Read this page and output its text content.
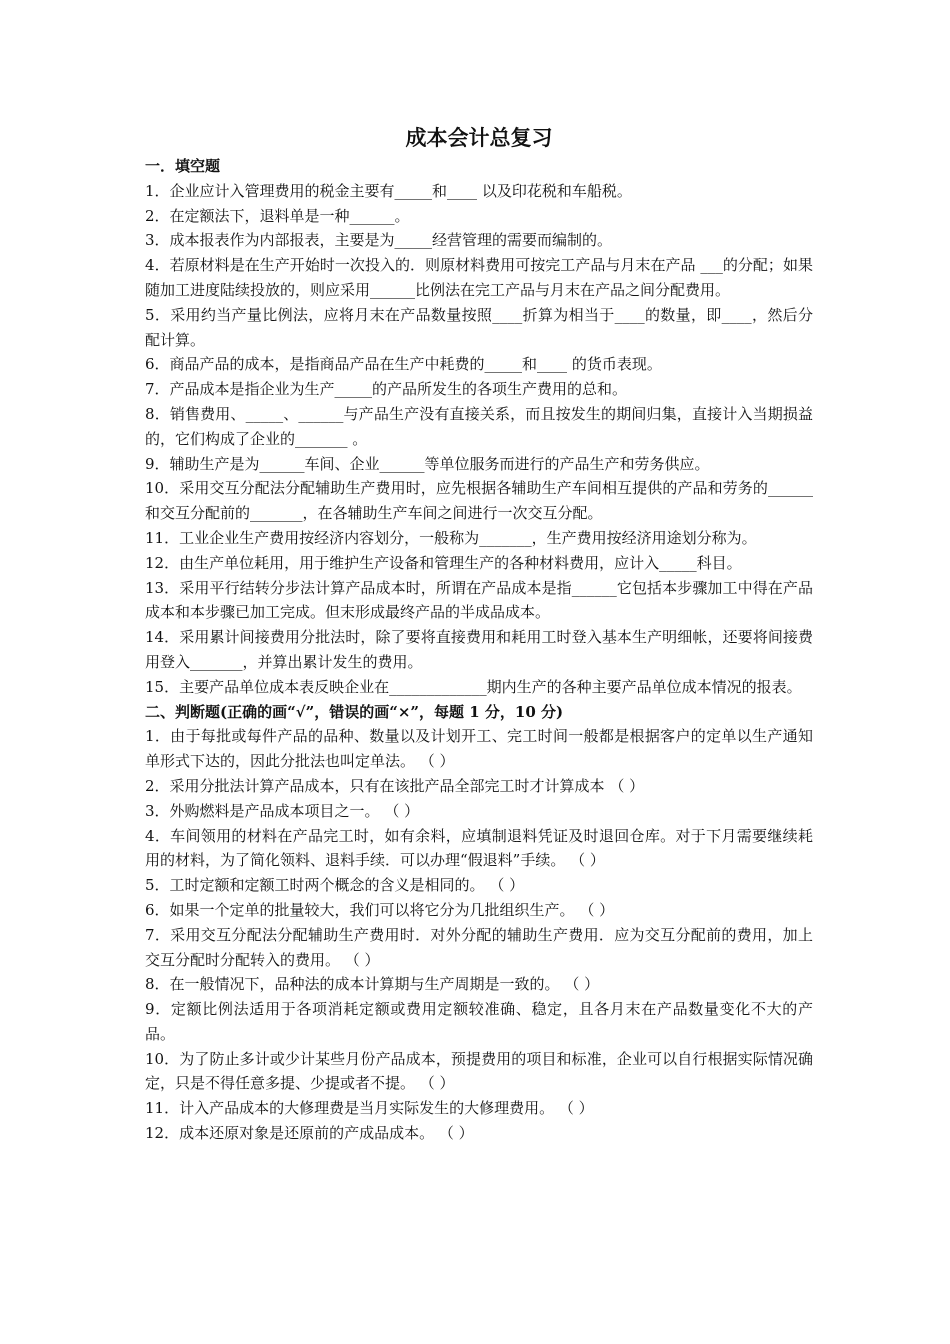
成本会计总复习
一．填空题

1．企业应计入管理费用的税金主要有_____和____ 以及印花税和车船税。

2．在定额法下，退料单是一种______。

3．成本报表作为内部报表，主要是为_____经营管理的需要而编制的。

4．若原材料是在生产开始时一次投入的．则原材料费用可按完工产品与月末在产品 ___的分配；如果随加工进度陆续投放的，则应采用______比例法在完工产品与月末在产品之间分配费用。

5．采用约当产量比例法，应将月末在产品数量按照____折算为相当于____的数量，即____，然后分配计算。

6．商品产品的成本，是指商品产品在生产中耗费的_____和____ 的货币表现。

7．产品成本是指企业为生产_____的产品所发生的各项生产费用的总和。

8．销售费用、_____、______与产品生产没有直接关系，而且按发生的期间归集，直接计入当期损益的，它们构成了企业的_______ 。

9．辅助生产是为______车间、企业______等单位服务而进行的产品生产和劳务供应。

10．采用交互分配法分配辅助生产费用时，应先根据各辅助生产车间相互提供的产品和劳务的______和交互分配前的_______，在各辅助生产车间之间进行一次交互分配。

11．工业企业生产费用按经济内容划分，一般称为_______，生产费用按经济用途划分称为。

12．由生产单位耗用，用于维护生产设备和管理生产的各种材料费用，应计入_____科目。

13．采用平行结转分步法计算产品成本时，所谓在产品成本是指______它包括本步骤加工中得在产品成本和本步骤已加工完成。但末形成最终产品的半成品成本。

14．采用累计间接费用分批法时，除了要将直接费用和耗用工时登入基本生产明细帐，还要将间接费用登入_______，并算出累计发生的费用。

15．主要产品单位成本表反映企业在_____________期内生产的各种主要产品单位成本情况的报表。

二、判断题(正确的画“√”，错误的画“×”，每题 1 分，10 分)

1．由于每批或每件产品的品种、数量以及计划开工、完工时间一般都是根据客户的定单以生产通知单形式下达的，因此分批法也叫定单法。 （ ）

2．采用分批法计算产品成本，只有在该批产品全部完工时才计算成本 （ ）

3．外购燃料是产品成本项目之一。 （ ）

4．车间领用的材料在产品完工时，如有余料，应填制退料凭证及时退回仓库。对于下月需要继续耗用的材料，为了简化领料、退料手续．可以办理“假退料”手续。 （ ）

5．工时定额和定额工时两个概念的含义是相同的。 （ ）

6．如果一个定单的批量较大，我们可以将它分为几批组织生产。 （ ）

7．采用交互分配法分配辅助生产费用时．对外分配的辅助生产费用．应为交互分配前的费用，加上交互分配时分配转入的费用。 （ ）

8．在一般情况下，品种法的成本计算期与生产周期是一致的。 （ ）

9．定额比例法适用于各项消耗定额或费用定额较准确、稳定，且各月末在产品数量变化不大的产品。

10．为了防止多计或少计某些月份产品成本，预提费用的项目和标准，企业可以自行根据实际情况确定，只是不得任意多提、少提或者不提。 （ ）

11．计入产品成本的大修理费是当月实际发生的大修理费用。 （ ）

12．成本还原对象是还原前的产成品成本。 （ ）
